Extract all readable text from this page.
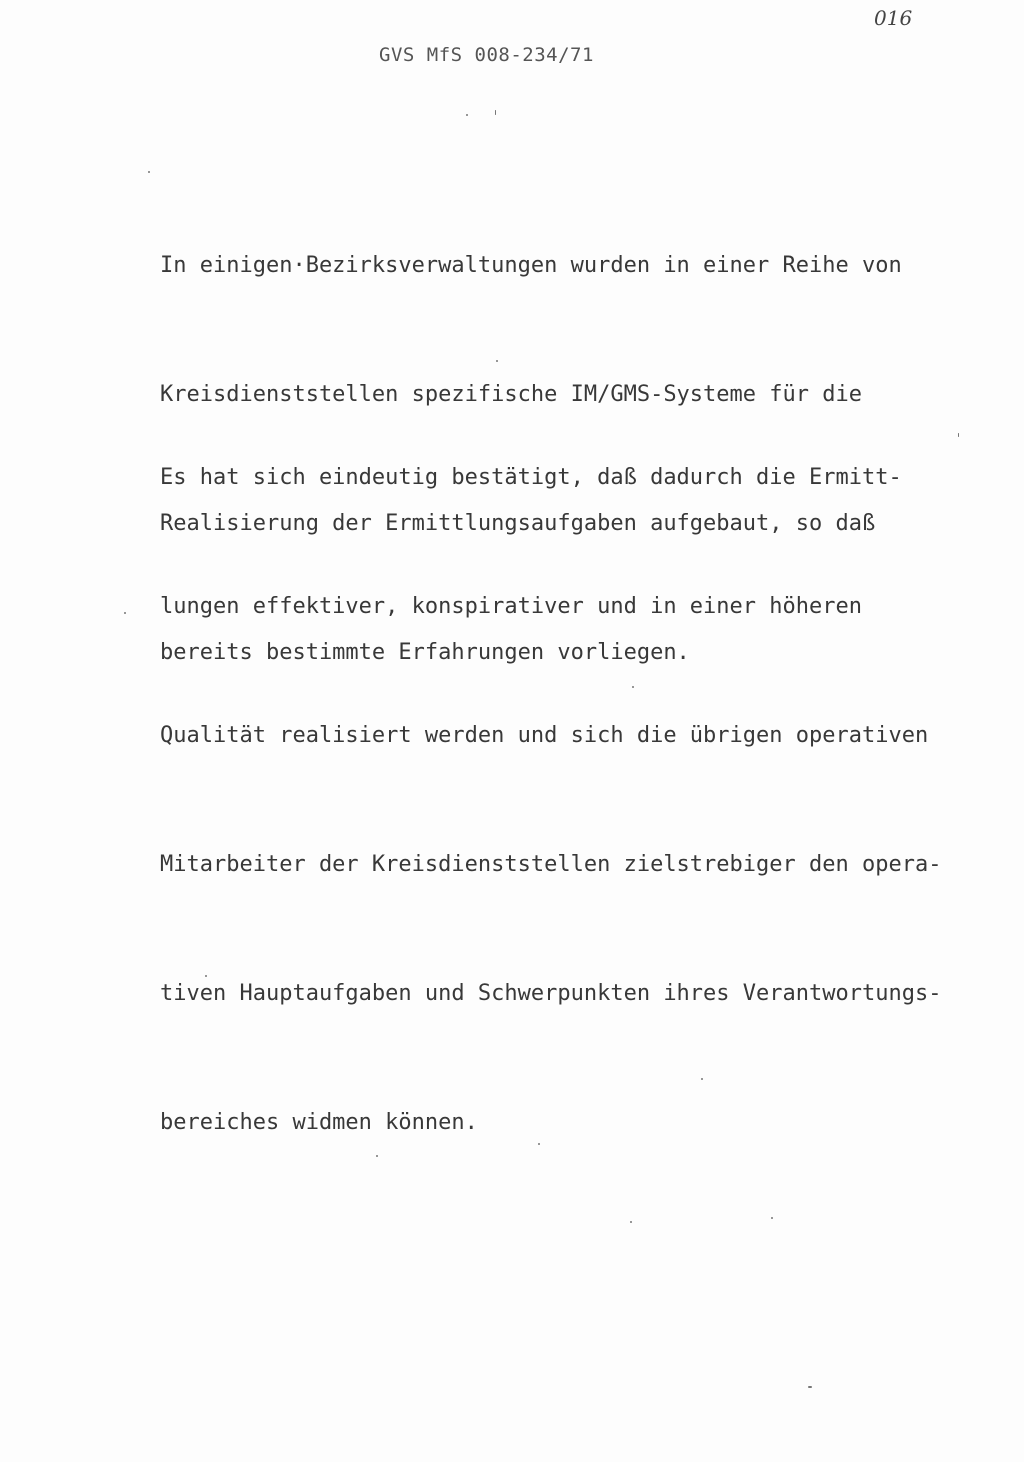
016
GVS MfS 008-234/71

In einigen·Bezirksverwaltungen wurden in einer Reihe von

Kreisdienststellen spezifische IM/GMS-Systeme für die

Realisierung der Ermittlungsaufgaben aufgebaut, so daß

bereits bestimmte Erfahrungen vorliegen.

Es hat sich eindeutig bestätigt, daß dadurch die Ermitt-

lungen effektiver, konspirativer und in einer höheren

Qualität realisiert werden und sich die übrigen operativen

Mitarbeiter der Kreisdienststellen zielstrebiger den opera-

tiven Hauptaufgaben und Schwerpunkten ihres Verantwortungs-

bereiches widmen können.
